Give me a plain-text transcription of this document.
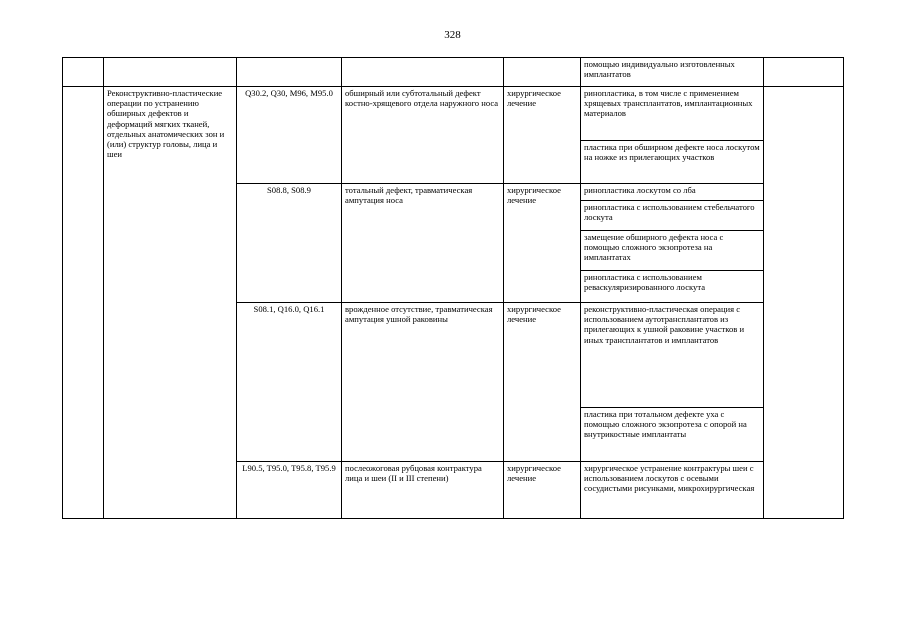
328
					помощью индивидуально изготовленных имплантатов	
	Реконструктивно-пластические операции по устранению обширных дефектов и деформаций мягких тканей, отдельных анатомических зон и (или) структур головы, лица и шеи	Q30.2, Q30, M96, M95.0	обширный или субтотальный дефект костно-хрящевого отдела наружного носа	хирургическое лечение	ринопластика, в том числе с применением хрящевых трансплантатов, имплантационных материалов	
					пластика при обширном дефекте носа лоскутом на ножке из прилегающих участков	
		S08.8, S08.9	тотальный дефект, травматическая ампутация носа	хирургическое лечение	ринопластика лоскутом со лба	
					ринопластика с использованием стебельчатого лоскута	
					замещение обширного дефекта носа с помощью сложного экзопротеза на имплантатах	
					ринопластика с использованием реваскуляризированного лоскута	
		S08.1, Q16.0, Q16.1	врожденное отсутствие, травматическая ампутация ушной раковины	хирургическое лечение	реконструктивно-пластическая операция с использованием аутотрансплантатов из прилегающих к ушной раковине участков и иных трансплантатов и имплантатов	
					пластика при тотальном дефекте уха с помощью сложного экзопротеза с опорой на внутрикостные имплантаты	
		L90.5, T95.0, T95.8, T95.9	послеожоговая рубцовая контрактура лица и шеи (II и III степени)	хирургическое лечение	хирургическое устранение контрактуры шеи с использованием лоскутов с осевыми сосудистыми рисунками, микрохирургическая	
